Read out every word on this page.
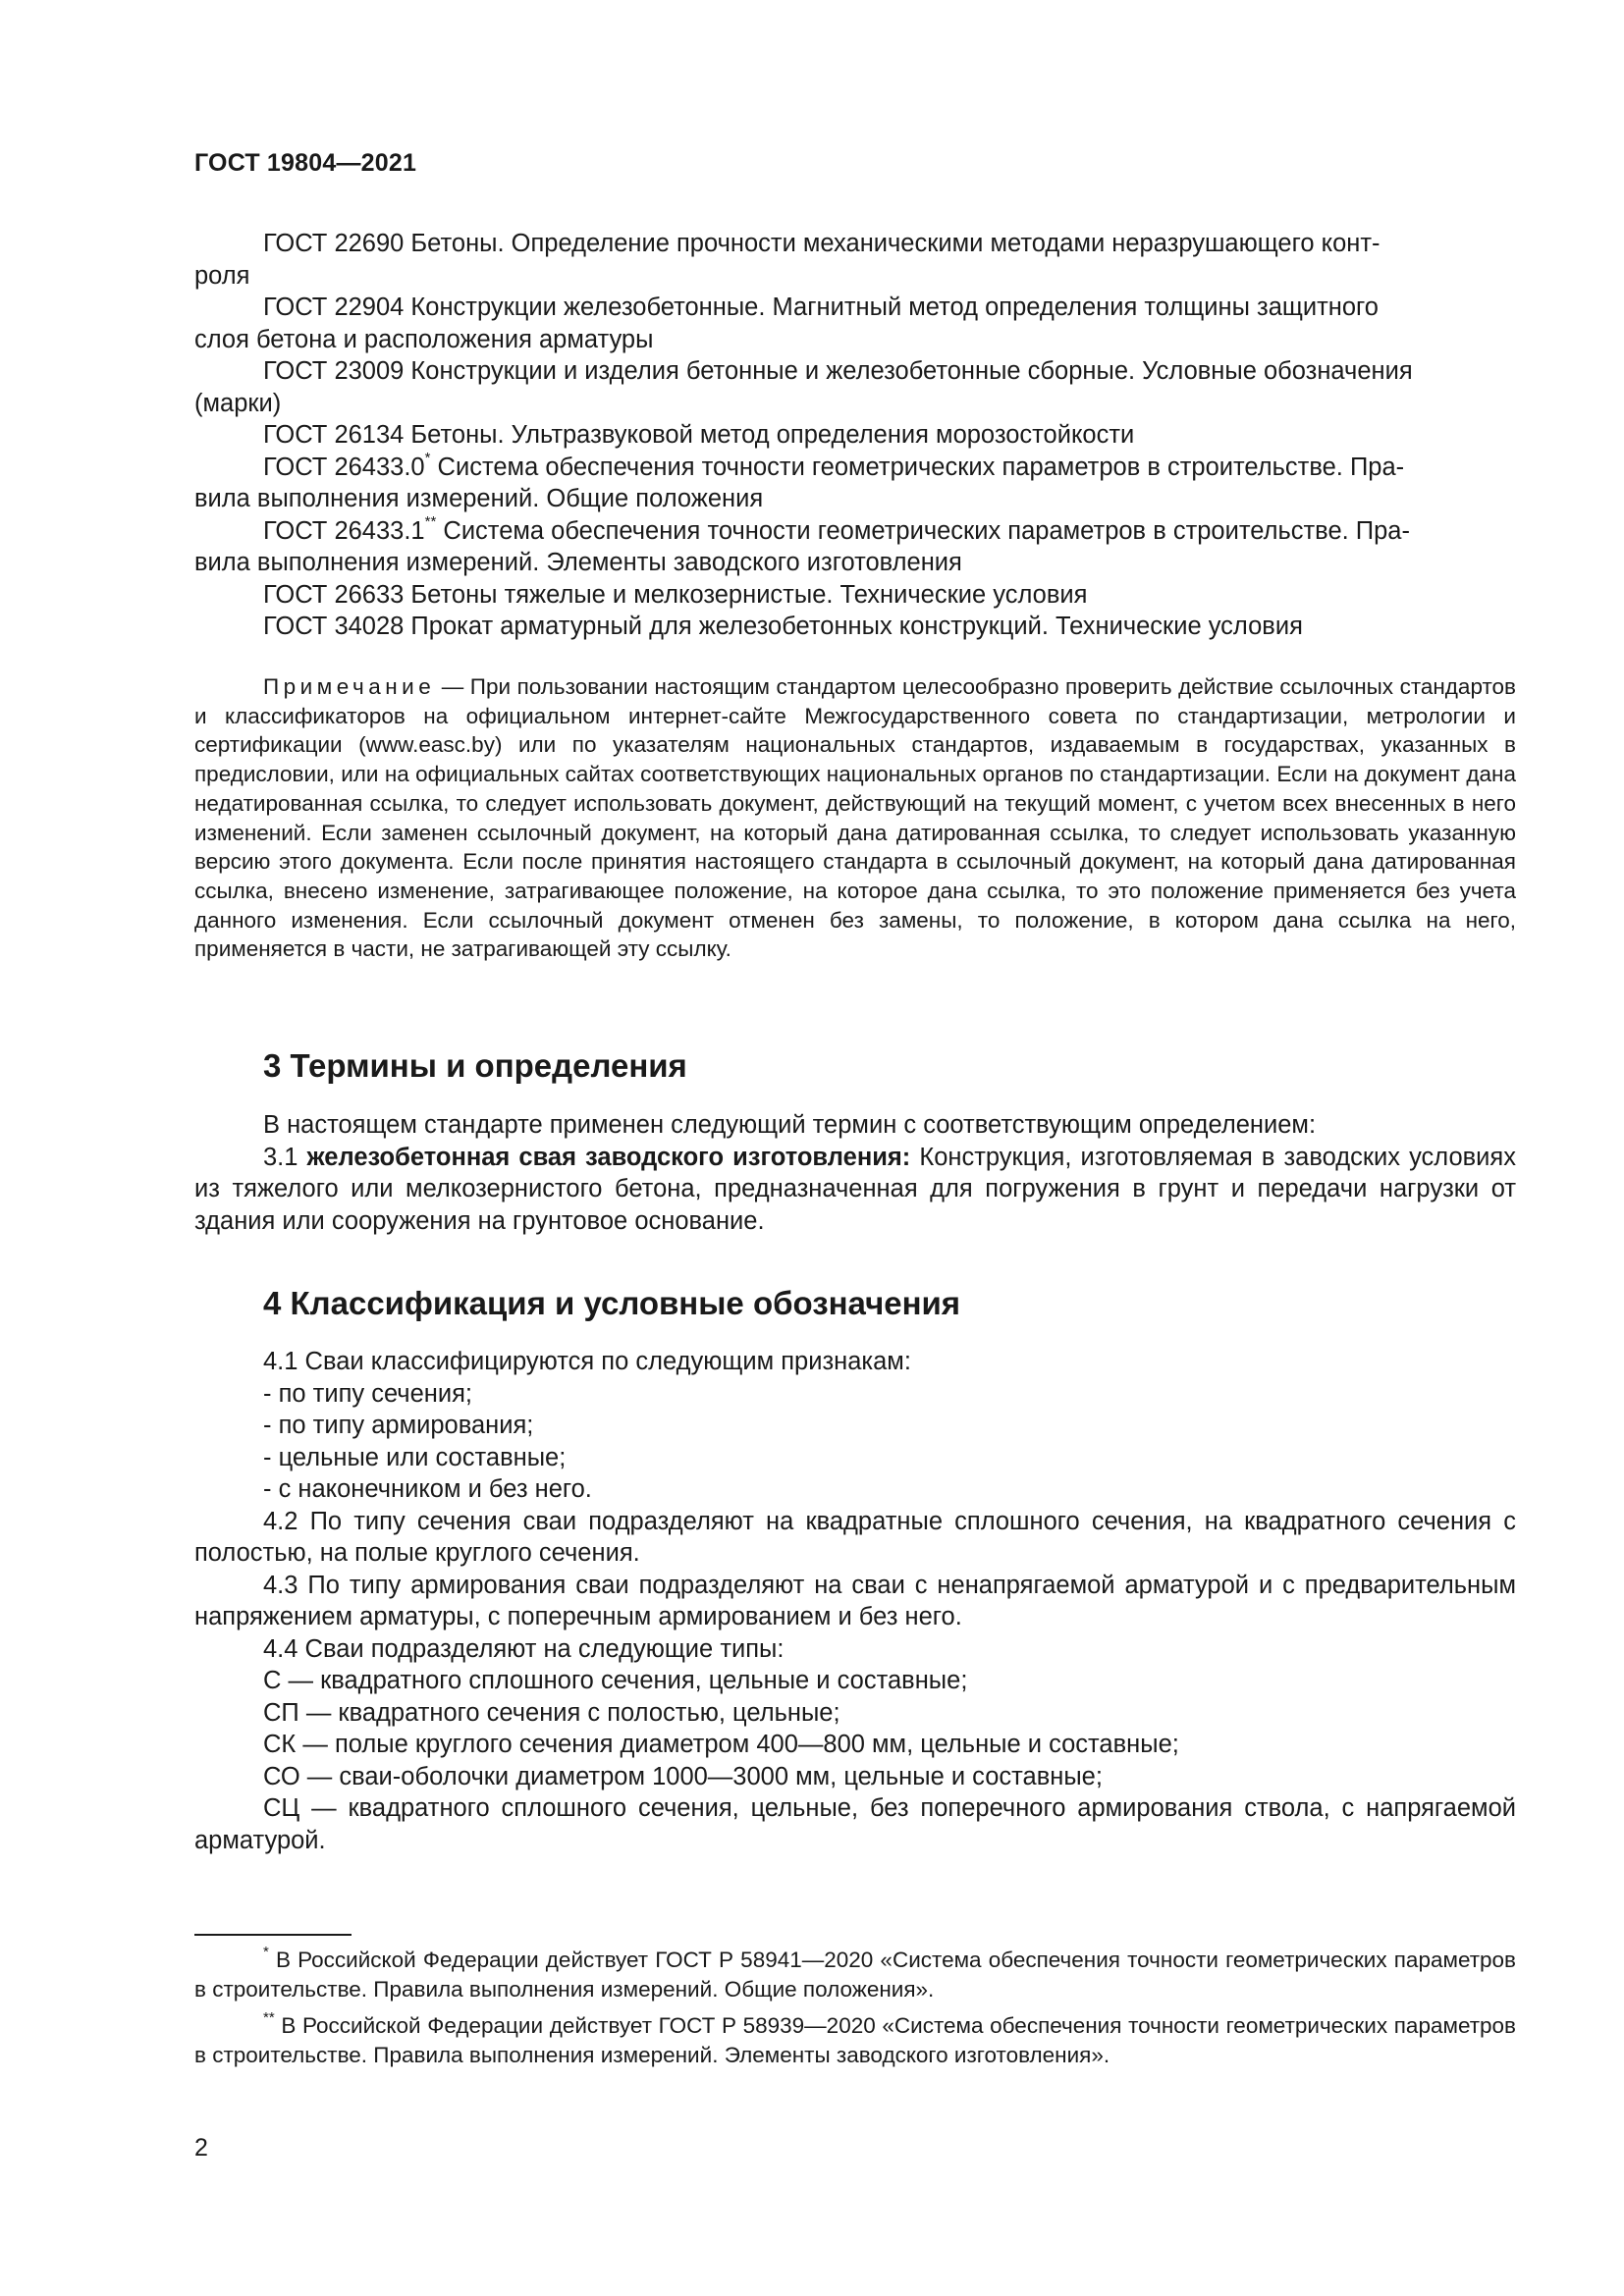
ГОСТ 19804—2021

ГОСТ 22690 Бетоны. Определение прочности механическими методами неразрушающего конт-
роля

ГОСТ 22904 Конструкции железобетонные. Магнитный метод определения толщины защитного
слоя бетона и расположения арматуры

ГОСТ 23009 Конструкции и изделия бетонные и железобетонные сборные. Условные обозначения
(марки)

ГОСТ 26134 Бетоны. Ультразвуковой метод определения морозостойкости

ГОСТ 26433.0* Система обеспечения точности геометрических параметров в строительстве. Пра-
вила выполнения измерений. Общие положения

ГОСТ 26433.1** Система обеспечения точности геометрических параметров в строительстве. Пра-
вила выполнения измерений. Элементы заводского изготовления

ГОСТ 26633 Бетоны тяжелые и мелкозернистые. Технические условия

ГОСТ 34028 Прокат арматурный для железобетонных конструкций. Технические условия

Примечание — При пользовании настоящим стандартом целесообразно проверить действие ссылочных стандартов и классификаторов на официальном интернет-сайте Межгосударственного совета по стандартизации, метрологии и сертификации (www.easc.by) или по указателям национальных стандартов, издаваемым в государствах, указанных в предисловии, или на официальных сайтах соответствующих национальных органов по стандартизации. Если на документ дана недатированная ссылка, то следует использовать документ, действующий на текущий момент, с учетом всех внесенных в него изменений. Если заменен ссылочный документ, на который дана датированная ссылка, то следует использовать указанную версию этого документа. Если после принятия настоящего стандарта в ссылочный документ, на который дана датированная ссылка, внесено изменение, затрагивающее положение, на которое дана ссылка, то это положение применяется без учета данного изменения. Если ссылочный документ отменен без замены, то положение, в котором дана ссылка на него, применяется в части, не затрагивающей эту ссылку.

3 Термины и определения

В настоящем стандарте применен следующий термин с соответствующим определением:

3.1 железобетонная свая заводского изготовления: Конструкция, изготовляемая в заводских условиях из тяжелого или мелкозернистого бетона, предназначенная для погружения в грунт и передачи нагрузки от здания или сооружения на грунтовое основание.

4 Классификация и условные обозначения

4.1 Сваи классифицируются по следующим признакам:

- по типу сечения;

- по типу армирования;

- цельные или составные;

- с наконечником и без него.

4.2 По типу сечения сваи подразделяют на квадратные сплошного сечения, на квадратного сечения с полостью, на полые круглого сечения.

4.3 По типу армирования сваи подразделяют на сваи с ненапрягаемой арматурой и с предварительным напряжением арматуры, с поперечным армированием и без него.

4.4 Сваи подразделяют на следующие типы:

С — квадратного сплошного сечения, цельные и составные;

СП — квадратного сечения с полостью, цельные;

СК — полые круглого сечения диаметром 400—800 мм, цельные и составные;

СО — сваи-оболочки диаметром 1000—3000 мм, цельные и составные;

СЦ — квадратного сплошного сечения, цельные, без поперечного армирования ствола, с напрягаемой арматурой.

* В Российской Федерации действует ГОСТ Р 58941—2020 «Система обеспечения точности геометрических параметров в строительстве. Правила выполнения измерений. Общие положения».

** В Российской Федерации действует ГОСТ Р 58939—2020 «Система обеспечения точности геометрических параметров в строительстве. Правила выполнения измерений. Элементы заводского изготовления».

2
